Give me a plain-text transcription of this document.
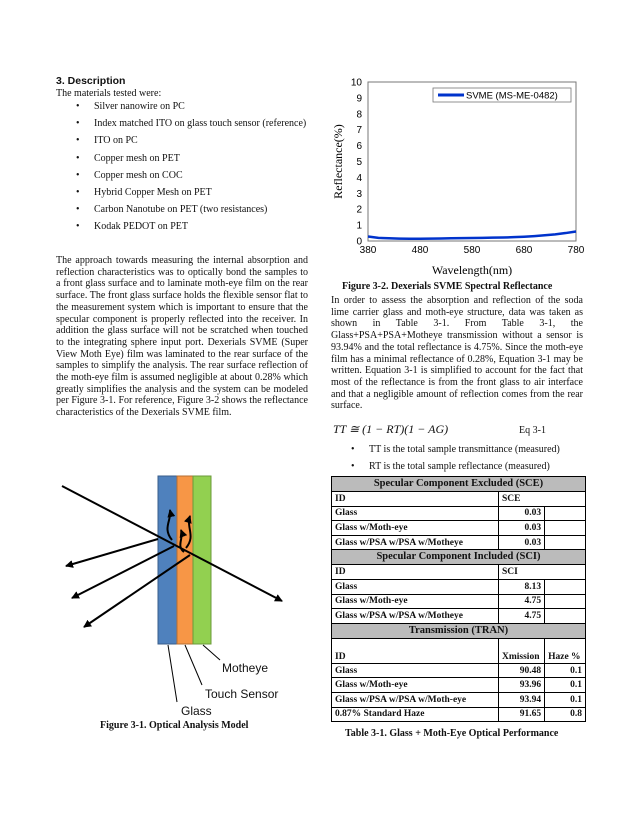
3. Description
The materials tested were:
• Silver nanowire on PC
• Index matched ITO on glass touch sensor (reference)
• ITO on PC
• Copper mesh on PET
• Copper mesh on COC
• Hybrid Copper Mesh on PET
• Carbon Nanotube on PET (two resistances)
• Kodak PEDOT on PET
The approach towards measuring the internal absorption and reflection characteristics was to optically bond the samples to a front glass surface and to laminate moth-eye film on the rear surface. The front glass surface holds the flexible sensor flat to the measurement system which is important to ensure that the specular component is properly reflected into the receiver. In addition the glass surface will not be scratched when touched to the integrating sphere input port. Dexerials SVME (Super View Moth Eye) film was laminated to the rear surface of the samples to simplify the analysis. The rear surface reflection of the moth-eye film is assumed negligible at about 0.28% which greatly simplifies the analysis and the system can be modeled per Figure 3-1. For reference, Figure 3-2 shows the reflectance characteristics of the Dexerials SVME film.
Motheye
Touch Sensor
Glass
Figure 3-1. Optical Analysis Model
0
1
2
3
4
5
6
7
8
9
10
380	480	580	680	780
SVME (MS-ME-0482)
Wavelength(nm)
Reflectance(%)
Figure 3-2. Dexerials SVME Spectral Reflectance
In order to assess the absorption and reflection of the soda lime carrier glass and moth-eye structure, data was taken as shown in Table 3-1. From Table 3-1, the Glass+PSA+PSA+Motheye transmission without a sensor is 93.94% and the total reflectance is 4.75%. Since the moth-eye film has a minimal reflectance of 0.28%, Equation 3-1 may be written. Equation 3-1 is simplified to account for the fact that most of the reflectance is from the front glass to air interface and that a negligible amount of reflection comes from the rear surface.
TT ≅ (1 − RT)(1 − AG)	Eq 3-1
• TT is the total sample transmittance (measured)
• RT is the total sample reflectance (measured)
Specular Component Excluded (SCE)		
ID	SCE	
Glass	0.03	
Glass w/Moth-eye	0.03	
Glass w/PSA w/PSA w/Motheye	0.03	
Specular Component Included (SCI)		
ID	SCI	
Glass	8.13	
Glass w/Moth-eye	4.75	
Glass w/PSA w/PSA w/Motheye	4.75	
Transmission (TRAN)		
ID	Xmission	Haze %
Glass	90.48	0.1
Glass w/Moth-eye	93.96	0.1
Glass w/PSA w/PSA w/Moth-eye	93.94	0.1
0.87% Standard Haze	91.65	0.8
Table 3-1. Glass + Moth-Eye Optical Performance
